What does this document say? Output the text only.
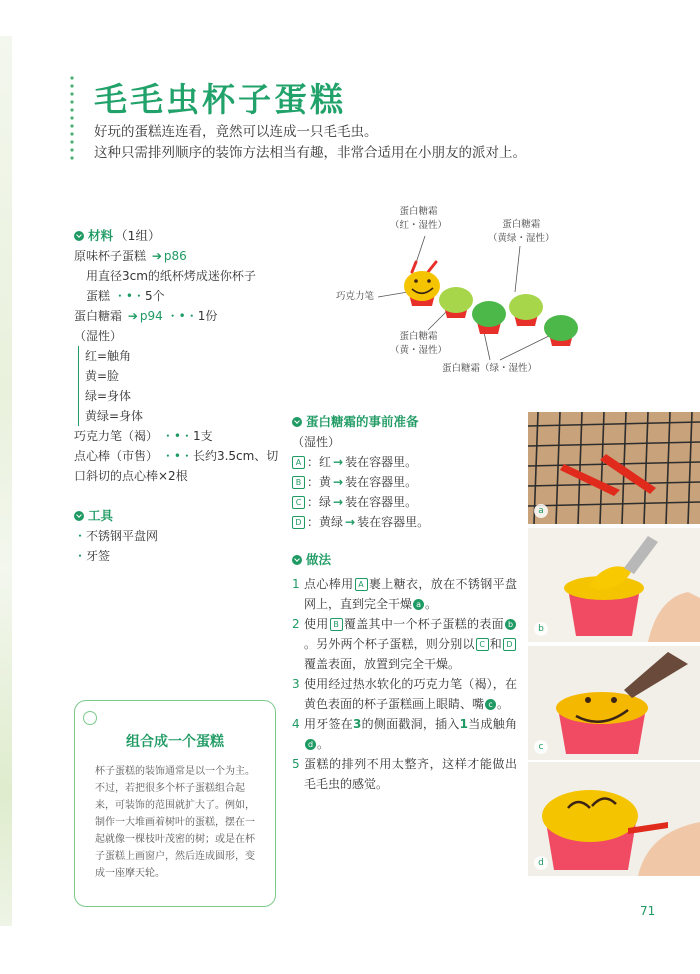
毛毛虫杯子蛋糕

好玩的蛋糕连连看，竟然可以连成一只毛毛虫。

这种只需排列顺序的装饰方法相当有趣，非常合适用在小朋友的派对上。

材料 （1组）
原味杯子蛋糕 ➔ p86
用直径3cm的纸杯烤成迷你杯子
蛋糕 ・•・5个
蛋白糖霜 ➔ p94 ・•・1份
（湿性）
红=触角
黄=脸
绿=身体
黄绿=身体
巧克力笔（褐） ・•・1支
点心棒（市售） ・•・长约3.5cm、切
口斜切的点心棒×2根
工具
・不锈钢平盘网
・牙签
组合成一个蛋糕
杯子蛋糕的装饰通常是以一个为主。不过，若把很多个杯子蛋糕组合起来，可装饰的范围就扩大了。例如，制作一大堆画着树叶的蛋糕，摆在一起就像一棵枝叶茂密的树；或是在杯子蛋糕上画窗户，然后连成圆形，变成一座摩天轮。
蛋白糖霜
（红・湿性）	蛋白糖霜
（黄绿・湿性）
巧克力笔
蛋白糖霜
（黄・湿性）
蛋白糖霜（绿・湿性）
蛋白糖霜的事前准备
（湿性）
A ：红 → 装在容器里。
B ：黄 → 装在容器里。
C ：绿 → 装在容器里。
D ：黄绿 → 装在容器里。
做法
1 点心棒用 A 裹上糖衣，放在不锈钢平盘网上，直到完全干燥 a 。
2 使用 B 覆盖其中一个杯子蛋糕的表面 b。另外两个杯子蛋糕，则分别以 C 和 D覆盖表面，放置到完全干燥。
3 使用经过热水软化的巧克力笔（褐），在黄色表面的杯子蛋糕画上眼睛、嘴 c 。
4 用牙签在3的侧面戳洞，插入1当成触角d 。
5 蛋糕的排列不用太整齐，这样才能做出毛毛虫的感觉。
a
b
c
d
71
